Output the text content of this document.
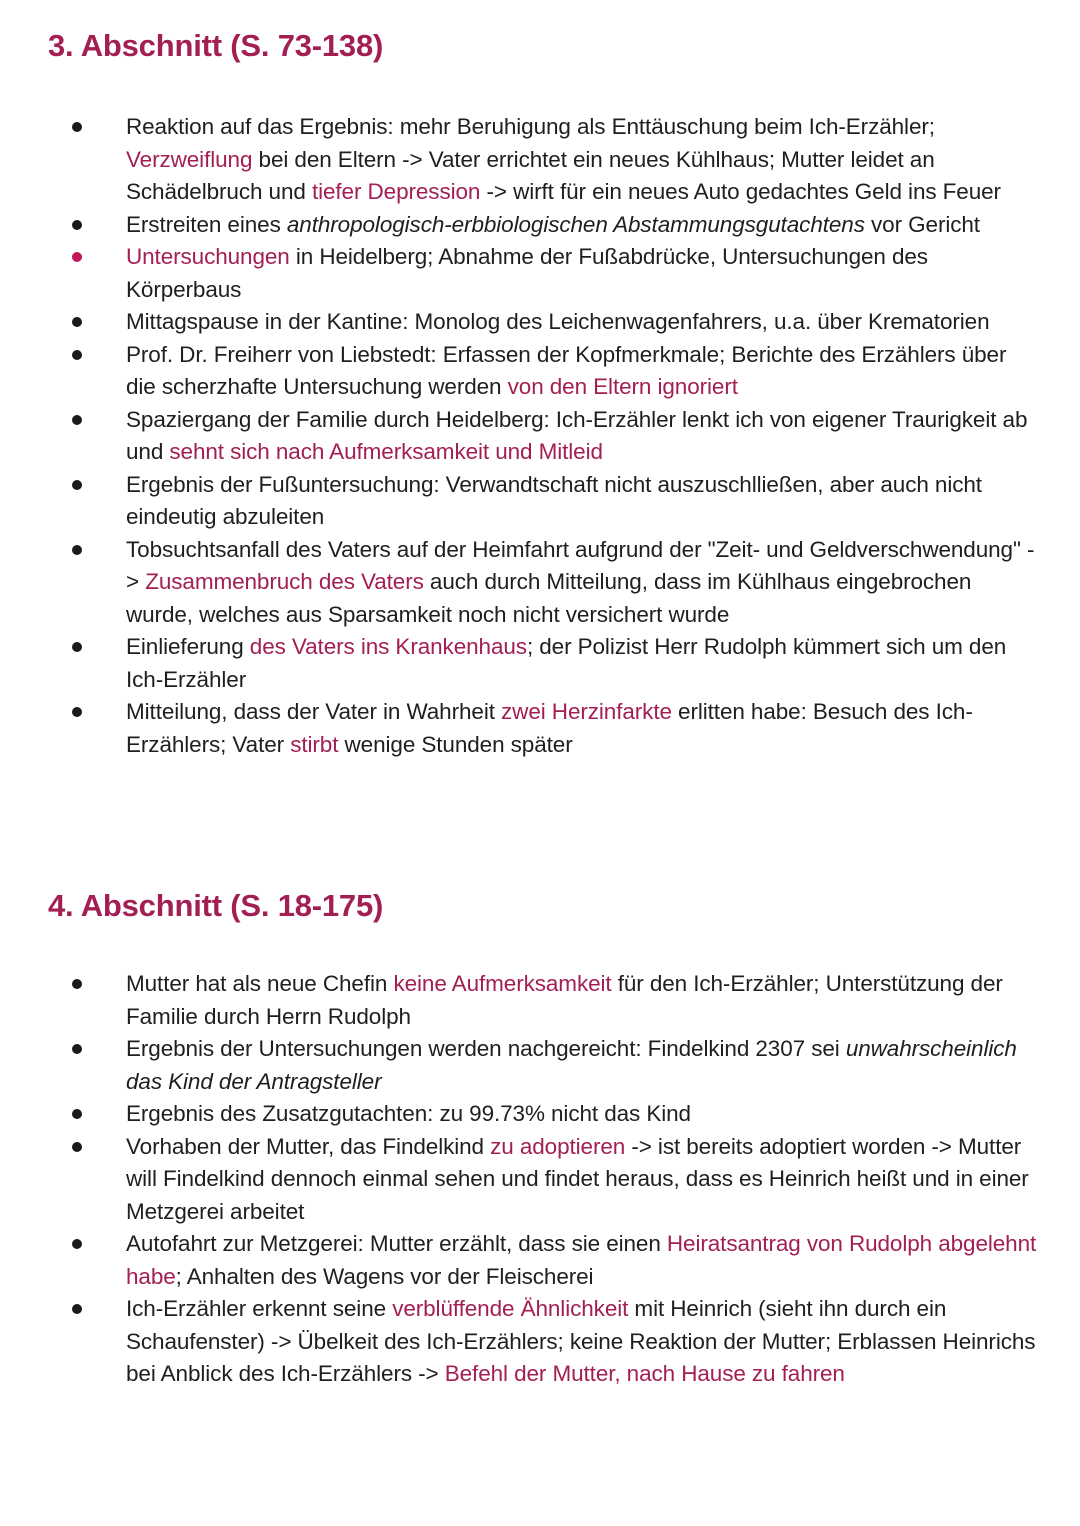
3. Abschnitt (S. 73-138)
Reaktion auf das Ergebnis: mehr Beruhigung als Enttäuschung beim Ich-Erzähler; Verzweiflung bei den Eltern -> Vater errichtet ein neues Kühlhaus; Mutter leidet an Schädelbruch und tiefer Depression -> wirft für ein neues Auto gedachtes Geld ins Feuer
Erstreiten eines anthropologisch-erbbiologischen Abstammungsgutachtens vor Gericht
Untersuchungen in Heidelberg; Abnahme der Fußabdrücke, Untersuchungen des Körperbaus
Mittagspause in der Kantine: Monolog des Leichenwagenfahrers, u.a. über Krematorien
Prof. Dr. Freiherr von Liebstedt: Erfassen der Kopfmerkmale; Berichte des Erzählers über die scherzhafte Untersuchung werden von den Eltern ignoriert
Spaziergang der Familie durch Heidelberg: Ich-Erzähler lenkt ich von eigener Traurigkeit ab und sehnt sich nach Aufmerksamkeit und Mitleid
Ergebnis der Fußuntersuchung: Verwandtschaft nicht auszuschlließen, aber auch nicht eindeutig abzuleiten
Tobsuchtsanfall des Vaters auf der Heimfahrt aufgrund der "Zeit- und Geldverschwendung" -> Zusammenbruch des Vaters auch durch Mitteilung, dass im Kühlhaus eingebrochen wurde, welches aus Sparsamkeit noch nicht versichert wurde
Einlieferung des Vaters ins Krankenhaus; der Polizist Herr Rudolph kümmert sich um den Ich-Erzähler
Mitteilung, dass der Vater in Wahrheit zwei Herzinfarkte erlitten habe: Besuch des Ich-Erzählers; Vater stirbt wenige Stunden später
4. Abschnitt (S. 18-175)
Mutter hat als neue Chefin keine Aufmerksamkeit für den Ich-Erzähler; Unterstützung der Familie durch Herrn Rudolph
Ergebnis der Untersuchungen werden nachgereicht: Findelkind 2307 sei unwahrscheinlich das Kind der Antragsteller
Ergebnis des Zusatzgutachten: zu 99.73% nicht das Kind
Vorhaben der Mutter, das Findelkind zu adoptieren -> ist bereits adoptiert worden -> Mutter will Findelkind dennoch einmal sehen und findet heraus, dass es Heinrich heißt und in einer Metzgerei arbeitet
Autofahrt zur Metzgerei: Mutter erzählt, dass sie einen Heiratsantrag von Rudolph abgelehnt habe; Anhalten des Wagens vor der Fleischerei
Ich-Erzähler erkennt seine verblüffende Ähnlichkeit mit Heinrich (sieht ihn durch ein Schaufenster) -> Übelkeit des Ich-Erzählers; keine Reaktion der Mutter; Erblassen Heinrichs bei Anblick des Ich-Erzählers -> Befehl der Mutter, nach Hause zu fahren
